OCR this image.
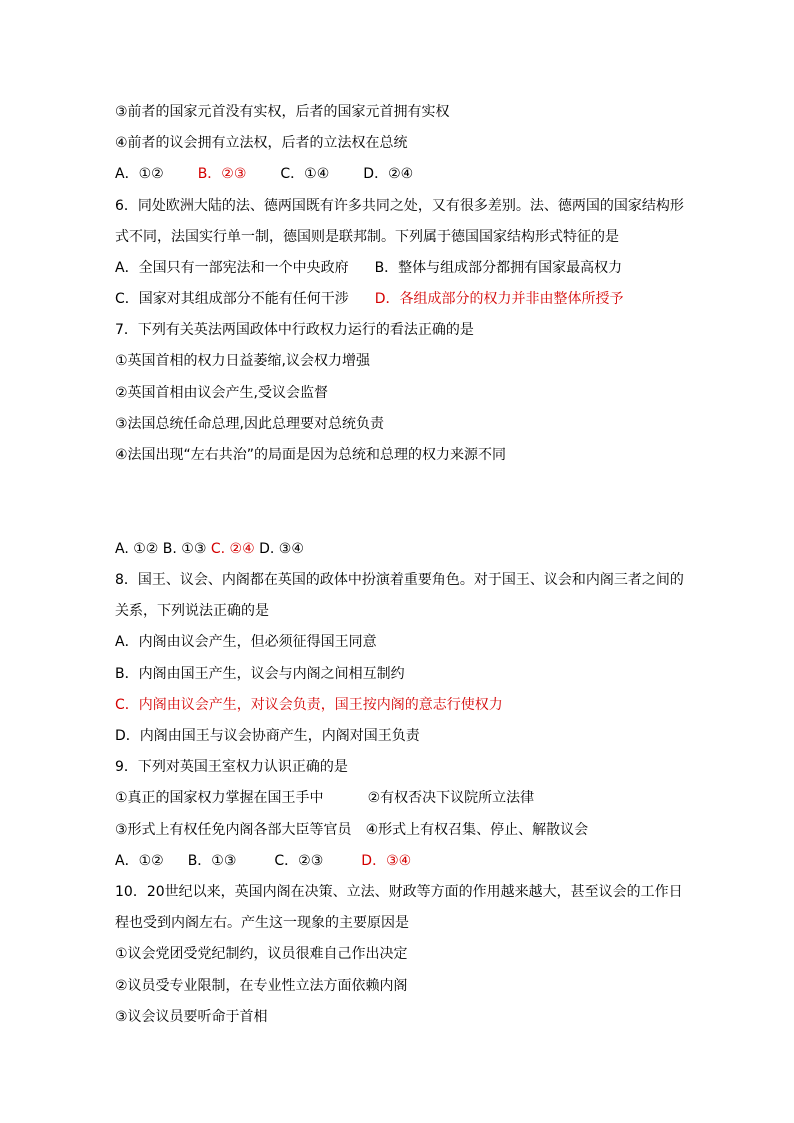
③前者的国家元首没有实权，后者的国家元首拥有实权
④前者的议会拥有立法权，后者的立法权在总统
A．①② B．②③ C．①④ D．②④
6．同处欧洲大陆的法、德两国既有许多共同之处，又有很多差别。法、德两国的国家结构形
式不同，法国实行单一制，德国则是联邦制。下列属于德国国家结构形式特征的是
A．全国只有一部宪法和一个中央政府 B．整体与组成部分都拥有国家最高权力
C．国家对其组成部分不能有任何干涉 D．各组成部分的权力并非由整体所授予
7．下列有关英法两国政体中行政权力运行的看法正确的是
①英国首相的权力日益萎缩,议会权力增强
②英国首相由议会产生,受议会监督
③法国总统任命总理,因此总理要对总统负责
④法国出现“左右共治”的局面是因为总统和总理的权力来源不同
A. ①② B. ①③ C. ②④ D. ③④
8．国王、议会、内阁都在英国的政体中扮演着重要角色。对于国王、议会和内阁三者之间的
关系，下列说法正确的是
A．内阁由议会产生，但必须征得国王同意
B．内阁由国王产生，议会与内阁之间相互制约
C．内阁由议会产生，对议会负责，国王按内阁的意志行使权力
D．内阁由国王与议会协商产生，内阁对国王负责
9．下列对英国王室权力认识正确的是
①真正的国家权力掌握在国王手中	②有权否决下议院所立法律
③形式上有权任免内阁各部大臣等官员 ④形式上有权召集、停止、解散议会
A．①② B．①③	C．②③	D．③④
10．20世纪以来，英国内阁在决策、立法、财政等方面的作用越来越大，甚至议会的工作日
程也受到内阁左右。产生这一现象的主要原因是
①议会党团受党纪制约，议员很难自己作出决定
②议员受专业限制，在专业性立法方面依赖内阁
③议会议员要听命于首相
